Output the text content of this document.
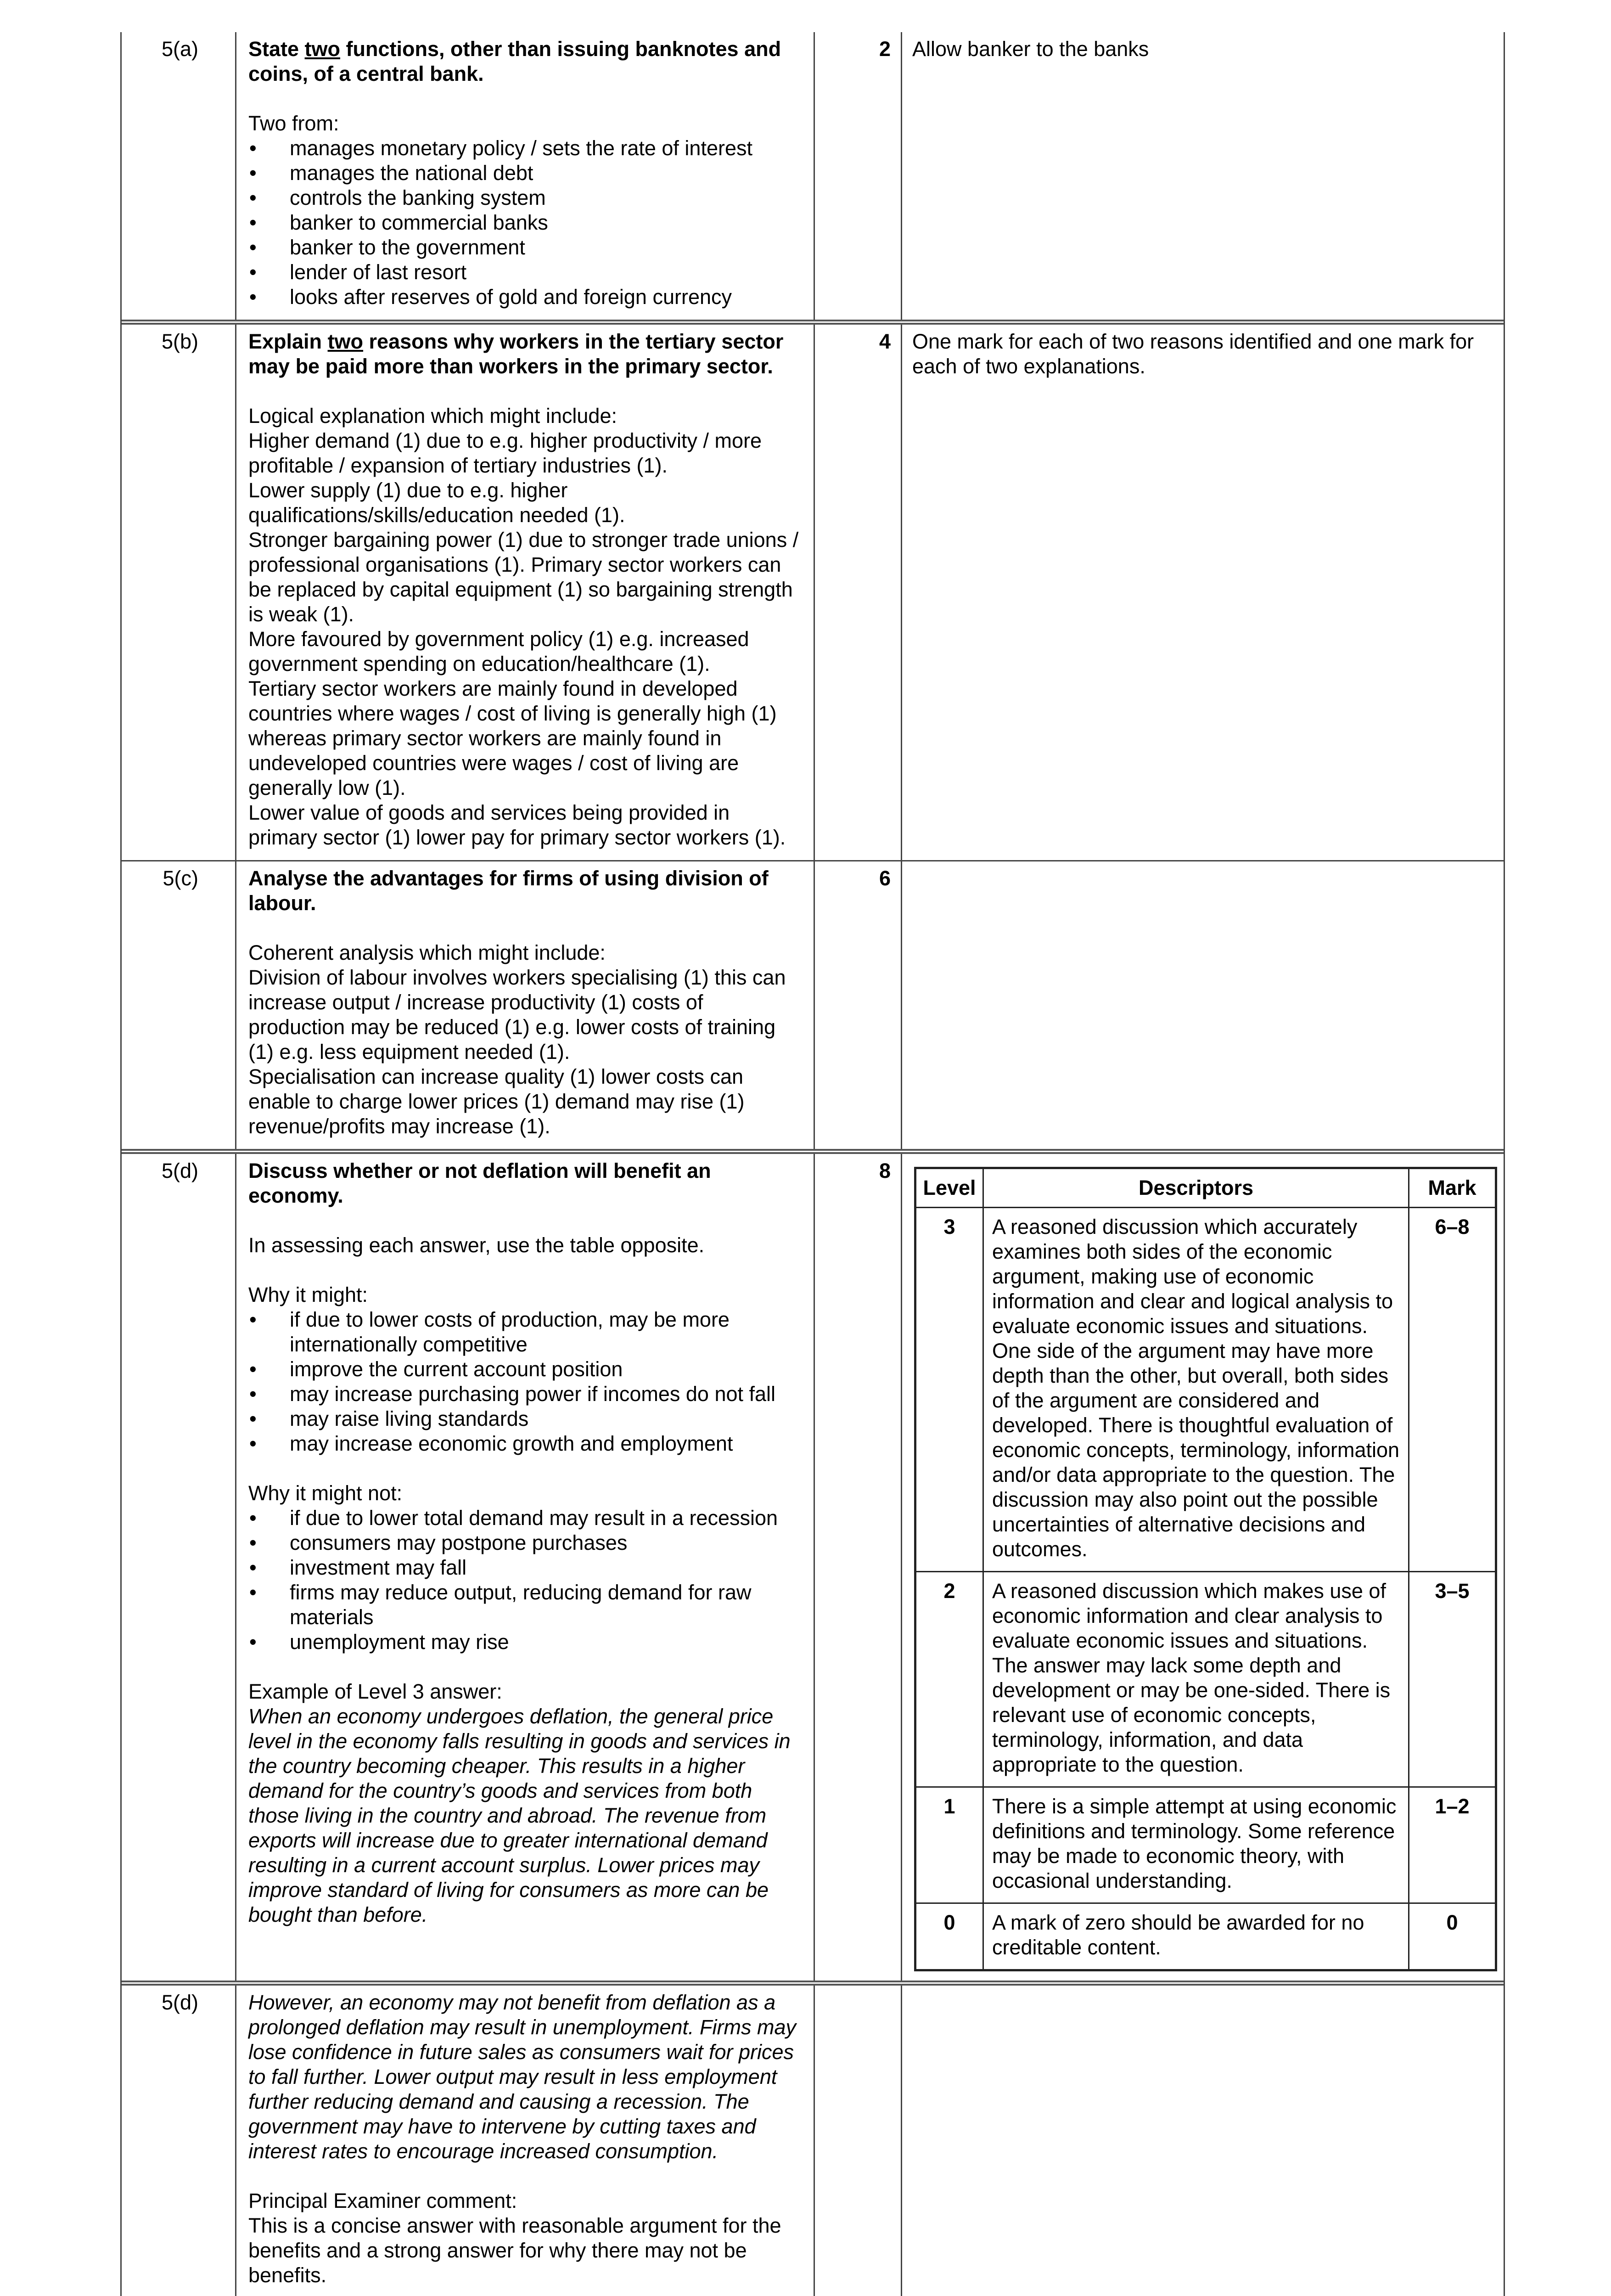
5(a)	State two functions, other than issuing banknotes and coins, of a central bank.
Two from:
• manages monetary policy / sets the rate of interest
• manages the national debt
• controls the banking system
• banker to commercial banks
• banker to the government
• lender of last resort
• looks after reserves of gold and foreign currency
2	Allow banker to the banks
5(b)	Explain two reasons why workers in the tertiary sector may be paid more than workers in the primary sector.
Logical explanation which might include:
Higher demand (1) due to e.g. higher productivity / more profitable / expansion of tertiary industries (1).
Lower supply (1) due to e.g. higher qualifications/skills/education needed (1).
Stronger bargaining power (1) due to stronger trade unions / professional organisations (1). Primary sector workers can be replaced by capital equipment (1) so bargaining strength is weak (1).
More favoured by government policy (1) e.g. increased government spending on education/healthcare (1).
Tertiary sector workers are mainly found in developed countries where wages / cost of living is generally high (1) whereas primary sector workers are mainly found in undeveloped countries were wages / cost of living are generally low (1).
Lower value of goods and services being provided in primary sector (1) lower pay for primary sector workers (1).
4	One mark for each of two reasons identified and one mark for each of two explanations.
5(c)	Analyse the advantages for firms of using division of labour.
Coherent analysis which might include:
Division of labour involves workers specialising (1) this can increase output / increase productivity (1) costs of production may be reduced (1) e.g. lower costs of training (1) e.g. less equipment needed (1).
Specialisation can increase quality (1) lower costs can enable to charge lower prices (1) demand may rise (1) revenue/profits may increase (1).
6
5(d)	Discuss whether or not deflation will benefit an economy.
In assessing each answer, use the table opposite.
Why it might:
• if due to lower costs of production, may be more internationally competitive
• improve the current account position
• may increase purchasing power if incomes do not fall
• may raise living standards
• may increase economic growth and employment
Why it might not:
• if due to lower total demand may result in a recession
• consumers may postpone purchases
• investment may fall
• firms may reduce output, reducing demand for raw materials
• unemployment may rise
Example of Level 3 answer:
When an economy undergoes deflation, the general price level in the economy falls resulting in goods and services in the country becoming cheaper. This results in a higher demand for the country’s goods and services from both those living in the country and abroad. The revenue from exports will increase due to greater international demand resulting in a current account surplus. Lower prices may improve standard of living for consumers as more can be bought than before.
8
Level	Descriptors	Mark
3	A reasoned discussion which accurately examines both sides of the economic argument, making use of economic information and clear and logical analysis to evaluate economic issues and situations. One side of the argument may have more depth than the other, but overall, both sides of the argument are considered and developed. There is thoughtful evaluation of economic concepts, terminology, information and/or data appropriate to the question. The discussion may also point out the possible uncertainties of alternative decisions and outcomes.	6–8
2	A reasoned discussion which makes use of economic information and clear analysis to evaluate economic issues and situations. The answer may lack some depth and development or may be one-sided. There is relevant use of economic concepts, terminology, information, and data appropriate to the question.	3–5
1	There is a simple attempt at using economic definitions and terminology. Some reference may be made to economic theory, with occasional understanding.	1–2
0	A mark of zero should be awarded for no creditable content.	0
5(d)	However, an economy may not benefit from deflation as a prolonged deflation may result in unemployment. Firms may lose confidence in future sales as consumers wait for prices to fall further. Lower output may result in less employment further reducing demand and causing a recession. The government may have to intervene by cutting taxes and interest rates to encourage increased consumption.
Principal Examiner comment:
This is a concise answer with reasonable argument for the benefits and a strong answer for why there may not be benefits.
